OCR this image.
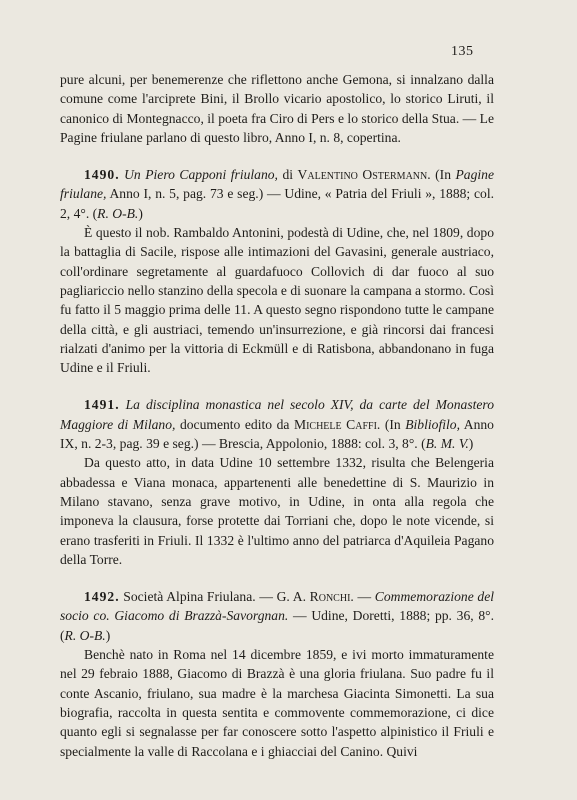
135

pure alcuni, per benemerenze che riflettono anche Gemona, si innalzano dalla comune come l'arciprete Bini, il Brollo vicario apostolico, lo storico Liruti, il canonico di Montegnacco, il poeta fra Ciro di Pers e lo storico della Stua. — Le Pagine friulane parlano di questo libro, Anno I, n. 8, copertina.

1490. Un Piero Capponi friulano, di Valentino Ostermann. (In Pagine friulane, Anno I, n. 5, pag. 73 e seg.) — Udine, « Patria del Friuli », 1888; col. 2, 4°. (R. O-B.)

È questo il nob. Rambaldo Antonini, podestà di Udine, che, nel 1809, dopo la battaglia di Sacile, rispose alle intimazioni del Gavasini, generale austriaco, coll'ordinare segretamente al guardafuoco Collovich di dar fuoco al suo pagliariccio nello stanzino della specola e di suonare la campana a stormo. Così fu fatto il 5 maggio prima delle 11. A questo segno rispondono tutte le campane della città, e gli austriaci, temendo un'insurrezione, e già rincorsi dai francesi rialzati d'animo per la vittoria di Eckmüll e di Ratisbona, abbandonano in fuga Udine e il Friuli.

1491. La disciplina monastica nel secolo XIV, da carte del Monastero Maggiore di Milano, documento edito da Michele Caffi. (In Bibliofilo, Anno IX, n. 2-3, pag. 39 e seg.) — Brescia, Appolonio, 1888: col. 3, 8°. (B. M. V.)

Da questo atto, in data Udine 10 settembre 1332, risulta che Belengeria abbadessa e Viana monaca, appartenenti alle benedettine di S. Maurizio in Milano stavano, senza grave motivo, in Udine, in onta alla regola che imponeva la clausura, forse protette dai Torriani che, dopo le note vicende, si erano trasferiti in Friuli. Il 1332 è l'ultimo anno del patriarca d'Aquileia Pagano della Torre.

1492. Società Alpina Friulana. — G. A. Ronchi. — Commemorazione del socio co. Giacomo di Brazzà-Savorgnan. — Udine, Doretti, 1888; pp. 36, 8°. (R. O-B.)

Benchè nato in Roma nel 14 dicembre 1859, e ivi morto immaturamente nel 29 febraio 1888, Giacomo di Brazzà è una gloria friulana. Suo padre fu il conte Ascanio, friulano, sua madre è la marchesa Giacinta Simonetti. La sua biografia, raccolta in questa sentita e commovente commemorazione, ci dice quanto egli si segnalasse per far conoscere sotto l'aspetto alpinistico il Friuli e specialmente la valle di Raccolana e i ghiacciai del Canino. Quivi
